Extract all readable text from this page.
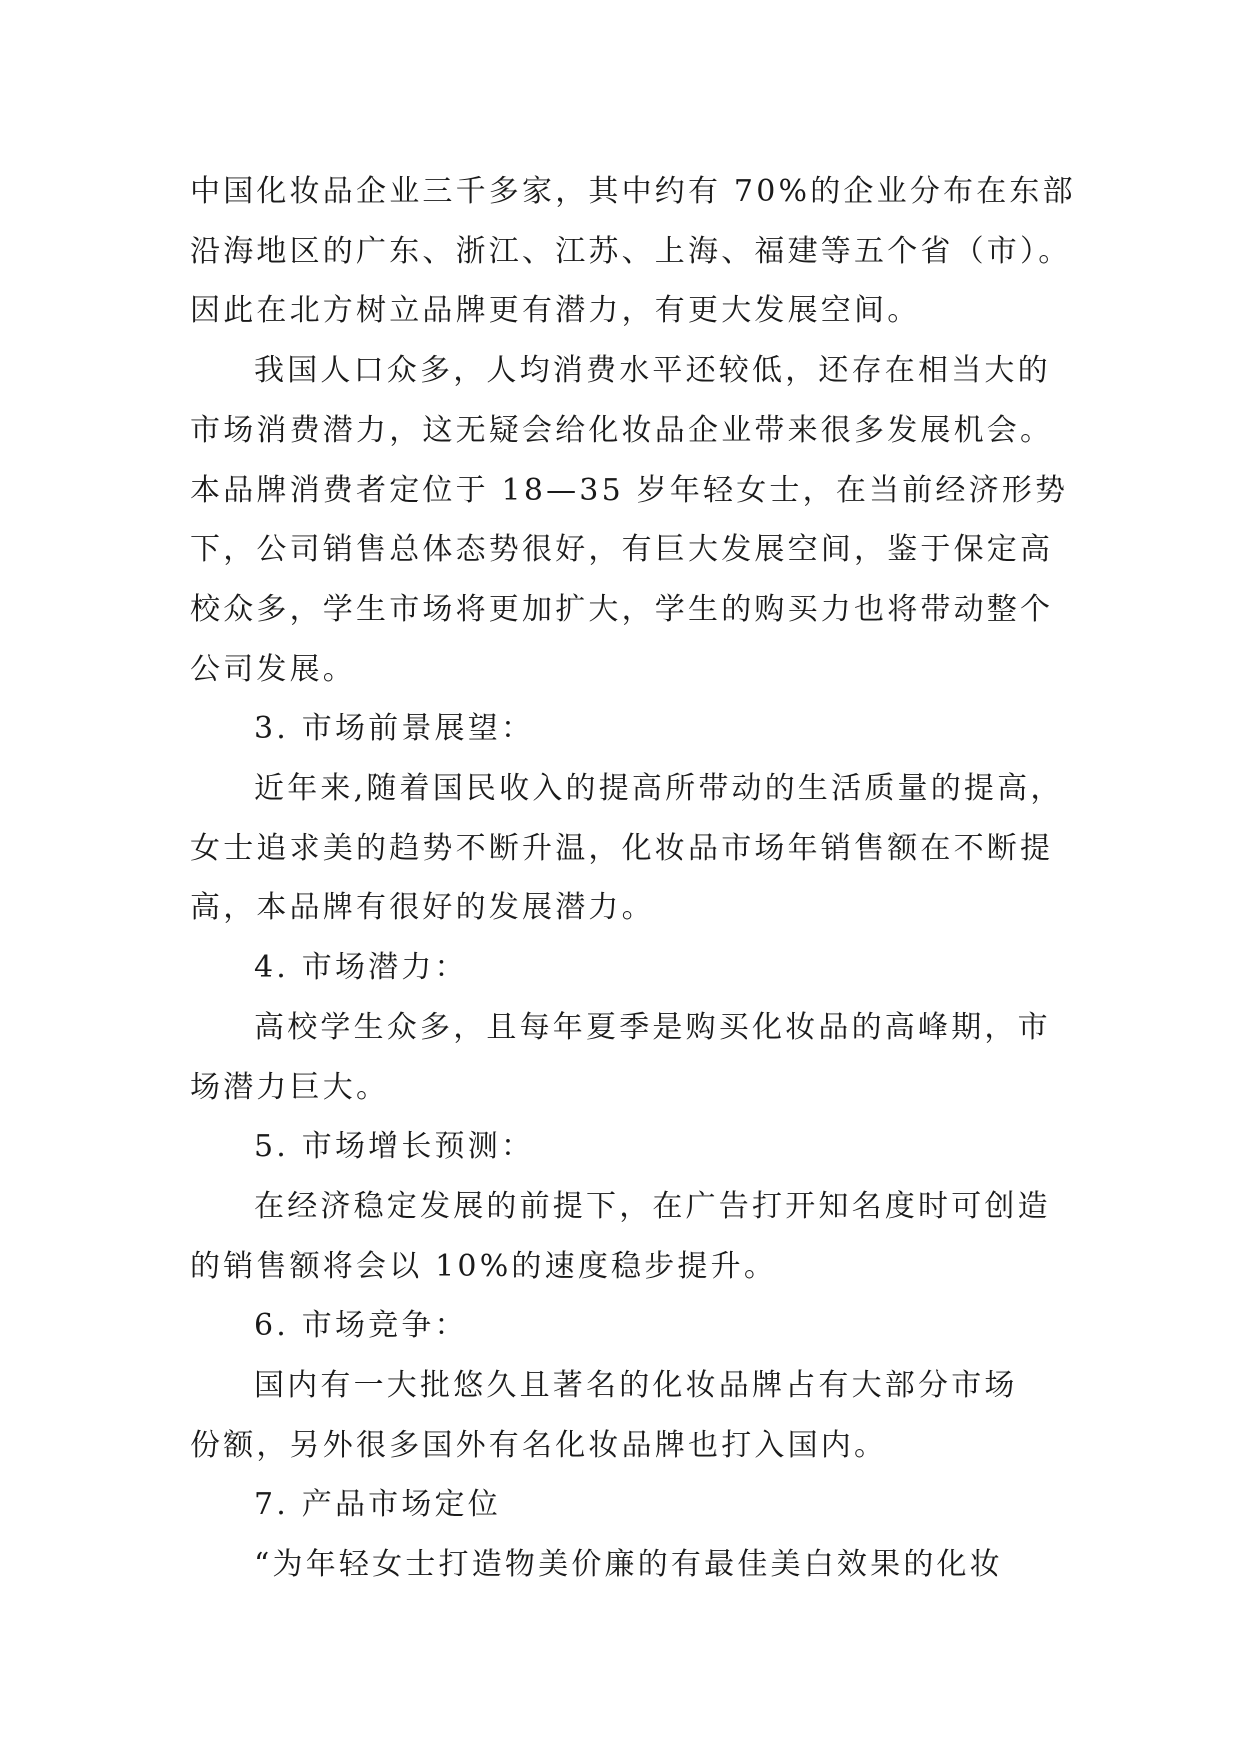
中国化妆品企业三千多家，其中约有 70%的企业分布在东部
沿海地区的广东、浙江、江苏、上海、福建等五个省（市）。
因此在北方树立品牌更有潜力，有更大发展空间。

我国人口众多，人均消费水平还较低，还存在相当大的
市场消费潜力，这无疑会给化妆品企业带来很多发展机会。
本品牌消费者定位于 18—35 岁年轻女士，在当前经济形势
下，公司销售总体态势很好，有巨大发展空间，鉴于保定高
校众多，学生市场将更加扩大，学生的购买力也将带动整个
公司发展。

3. 市场前景展望：

近年来,随着国民收入的提高所带动的生活质量的提高，
女士追求美的趋势不断升温，化妆品市场年销售额在不断提
高，本品牌有很好的发展潜力。

4. 市场潜力：

高校学生众多，且每年夏季是购买化妆品的高峰期，市
场潜力巨大。

5. 市场增长预测：

在经济稳定发展的前提下，在广告打开知名度时可创造
的销售额将会以 10%的速度稳步提升。

6. 市场竞争：

国内有一大批悠久且著名的化妆品牌占有大部分市场
份额，另外很多国外有名化妆品牌也打入国内。

7. 产品市场定位

“为年轻女士打造物美价廉的有最佳美白效果的化妆
